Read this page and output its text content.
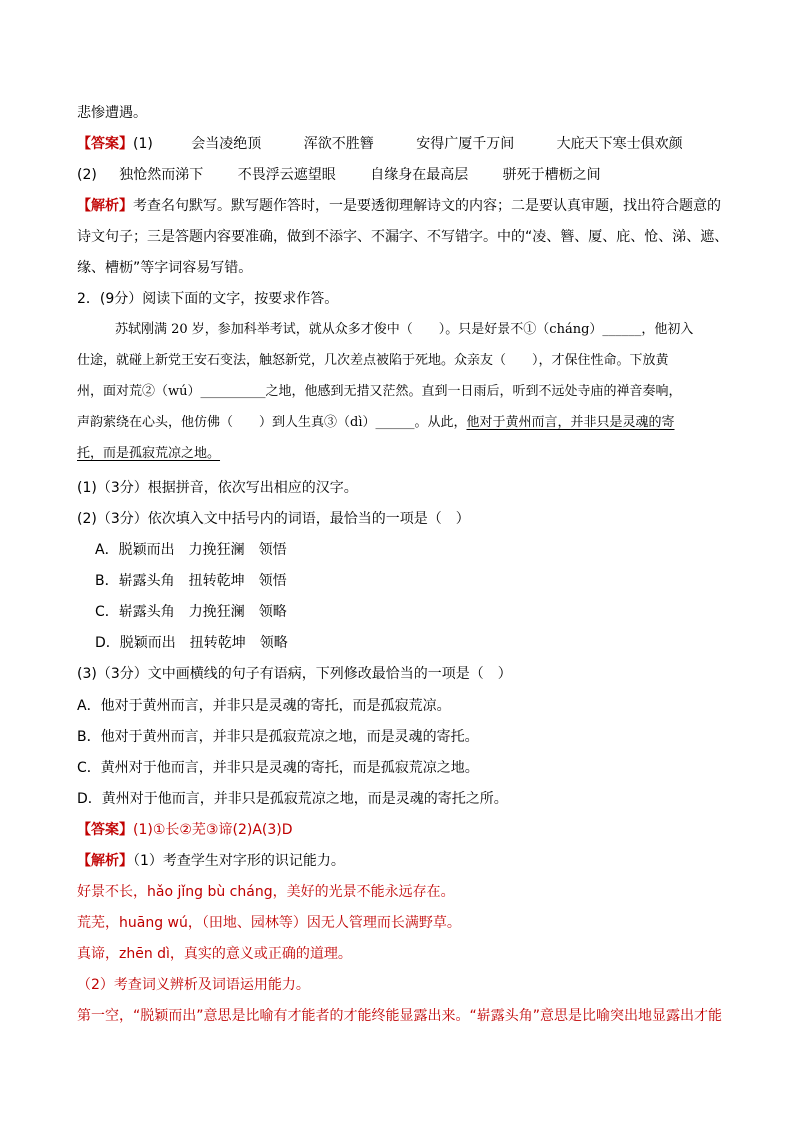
悲惨遭遇。
【答案】(1)	会当凌绝顶	浑欲不胜簪	安得广厦千万间	大庇天下寒士俱欢颜
(2) 独怆然而涕下 不畏浮云遮望眼 自缘身在最高层 骈死于槽枥之间
【解析】考查名句默写。默写题作答时，一是要透彻理解诗文的内容；二是要认真审题，找出符合题意的
诗文句子；三是答题内容要准确，做到不添字、不漏字、不写错字。中的“凌、簪、厦、庇、怆、涕、遮、
缘、槽枥”等字词容易写错。
2．(9分）阅读下面的文字，按要求作答。
苏轼刚满 20 岁，参加科举考试，就从众多才俊中（　　）。只是好景不①（cháng）______，他初入
仕途，就碰上新党王安石变法，触怒新党，几次差点被陷于死地。众亲友（　　），才保住性命。下放黄
州，面对荒②（wú）__________之地，他感到无措又茫然。直到一日雨后，听到不远处寺庙的禅音奏响，
声韵萦绕在心头，他仿佛（　　）到人生真③（dì）______。从此，他对于黄州而言，并非只是灵魂的寄
托，而是孤寂荒凉之地。
(1)（3分）根据拼音，依次写出相应的汉字。
(2)（3分）依次填入文中括号内的词语，最恰当的一项是（　）
A．脱颖而出 力挽狂澜 领悟
B．崭露头角 扭转乾坤 领悟
C．崭露头角 力挽狂澜 领略
D．脱颖而出 扭转乾坤 领略
(3)（3分）文中画横线的句子有语病，下列修改最恰当的一项是（　）
A．他对于黄州而言，并非只是灵魂的寄托，而是孤寂荒凉。
B．他对于黄州而言，并非只是孤寂荒凉之地，而是灵魂的寄托。
C．黄州对于他而言，并非只是灵魂的寄托，而是孤寂荒凉之地。
D．黄州对于他而言，并非只是孤寂荒凉之地，而是灵魂的寄托之所。
【答案】(1)①长②芜③谛(2)A(3)D
【解析】（1）考查学生对字形的识记能力。
好景不长，hǎo jǐng bù cháng，美好的光景不能永远存在。
荒芜，huāng wú，（田地、园林等）因无人管理而长满野草。
真谛，zhēn dì，真实的意义或正确的道理。
（2）考查词义辨析及词语运用能力。
第一空，“脱颖而出”意思是比喻有才能者的才能终能显露出来。“崭露头角”意思是比喻突出地显露出才能
